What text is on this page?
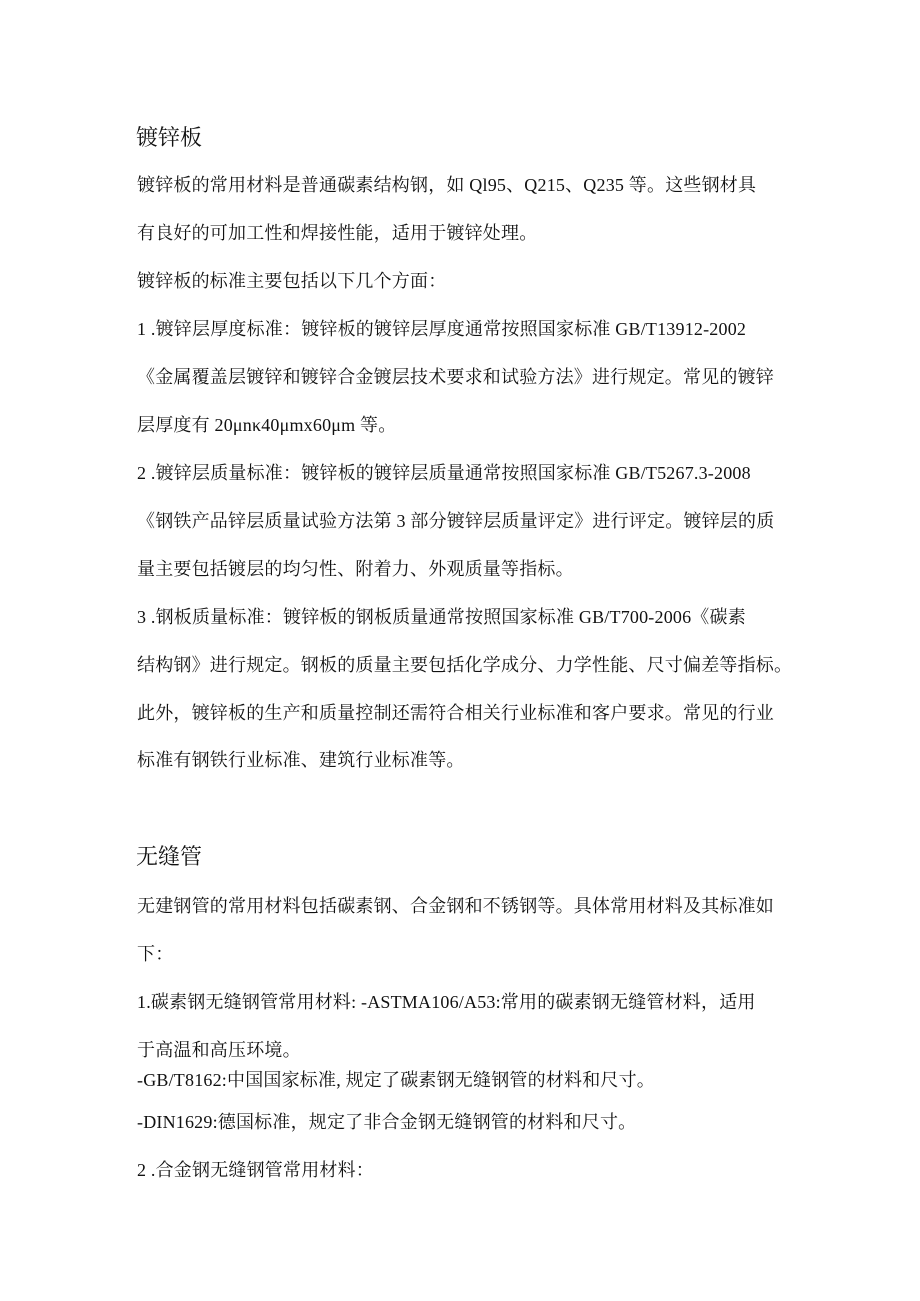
镀锌板
镀锌板的常用材料是普通碳素结构钢，如 Ql95、Q215、Q235 等。这些钢材具
有良好的可加工性和焊接性能，适用于镀锌处理。
镀锌板的标准主要包括以下几个方面：
1 .镀锌层厚度标准：镀锌板的镀锌层厚度通常按照国家标准 GB/T13912-2002
《金属覆盖层镀锌和镀锌合金镀层技术要求和试验方法》进行规定。常见的镀锌
层厚度有 20μnκ40μmx60μm 等。
2 .镀锌层质量标准：镀锌板的镀锌层质量通常按照国家标准 GB/T5267.3-2008
《钢铁产品锌层质量试验方法第 3 部分镀锌层质量评定》进行评定。镀锌层的质
量主要包括镀层的均匀性、附着力、外观质量等指标。
3 .钢板质量标准：镀锌板的钢板质量通常按照国家标准 GB/T700-2006《碳素
结构钢》进行规定。钢板的质量主要包括化学成分、力学性能、尺寸偏差等指标。
此外，镀锌板的生产和质量控制还需符合相关行业标准和客户要求。常见的行业
标准有钢铁行业标准、建筑行业标准等。
无缝管
无建钢管的常用材料包括碳素钢、合金钢和不锈钢等。具体常用材料及其标准如
下：
1.碳素钢无缝钢管常用材料: -ASTMA106/A53:常用的碳素钢无缝管材料，适用
于高温和高压环境。
-GB/T8162:中国国家标准, 规定了碳素钢无缝钢管的材料和尺寸。
-DIN1629:德国标准，规定了非合金钢无缝钢管的材料和尺寸。
2 .合金钢无缝钢管常用材料：
